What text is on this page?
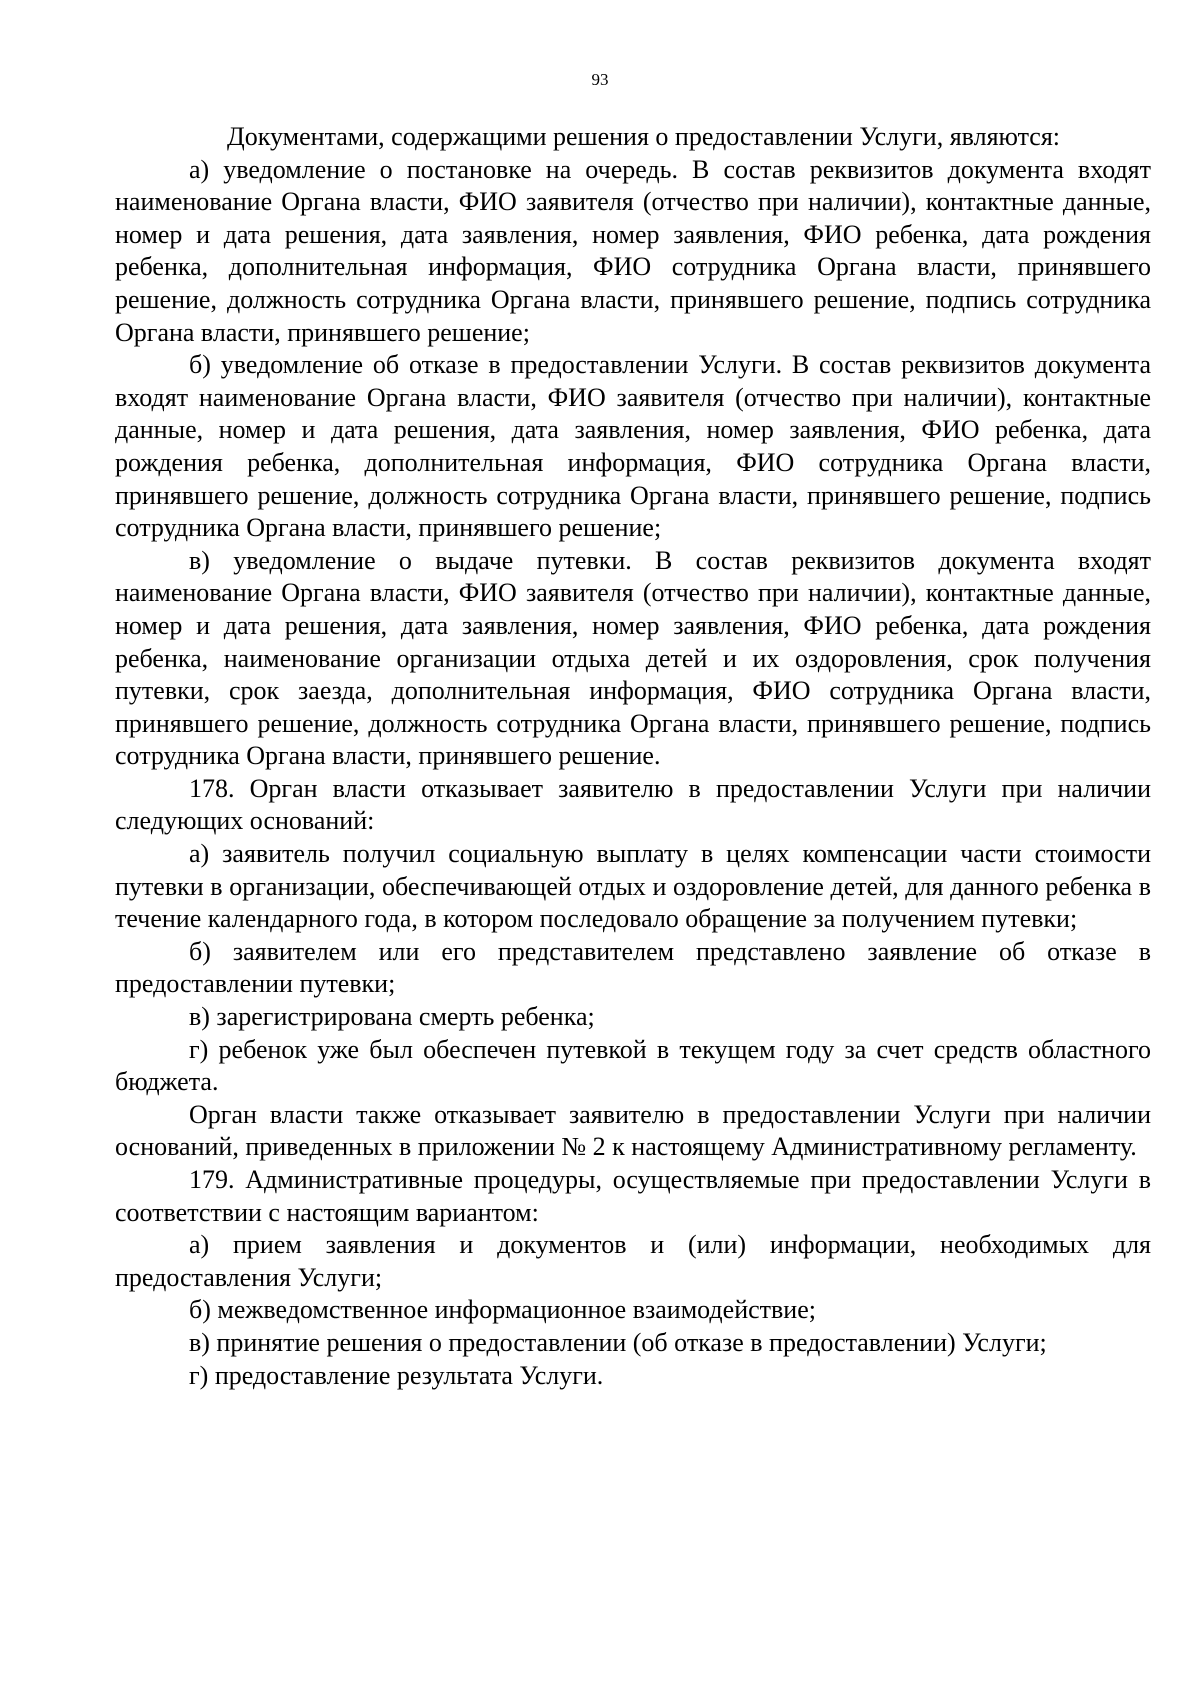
93

Документами, содержащими решения о предоставлении Услуги, являются:

а) уведомление о постановке на очередь. В состав реквизитов документа входят наименование Органа власти, ФИО заявителя (отчество при наличии), контактные данные, номер и дата решения, дата заявления, номер заявления, ФИО ребенка, дата рождения ребенка, дополнительная информация, ФИО сотрудника Органа власти, принявшего решение, должность сотрудника Органа власти, принявшего решение, подпись сотрудника Органа власти, принявшего решение;

б) уведомление об отказе в предоставлении Услуги. В состав реквизитов документа входят наименование Органа власти, ФИО заявителя (отчество при наличии), контактные данные, номер и дата решения, дата заявления, номер заявления, ФИО ребенка, дата рождения ребенка, дополнительная информация, ФИО сотрудника Органа власти, принявшего решение, должность сотрудника Органа власти, принявшего решение, подпись сотрудника Органа власти, принявшего решение;

в) уведомление о выдаче путевки. В состав реквизитов документа входят наименование Органа власти, ФИО заявителя (отчество при наличии), контактные данные, номер и дата решения, дата заявления, номер заявления, ФИО ребенка, дата рождения ребенка, наименование организации отдыха детей и их оздоровления, срок получения путевки, срок заезда, дополнительная информация, ФИО сотрудника Органа власти, принявшего решение, должность сотрудника Органа власти, принявшего решение, подпись сотрудника Органа власти, принявшего решение.

178. Орган власти отказывает заявителю в предоставлении Услуги при наличии следующих оснований:

а) заявитель получил социальную выплату в целях компенсации части стоимости путевки в организации, обеспечивающей отдых и оздоровление детей, для данного ребенка в течение календарного года, в котором последовало обращение за получением путевки;

б) заявителем или его представителем представлено заявление об отказе в предоставлении путевки;

в) зарегистрирована смерть ребенка;

г) ребенок уже был обеспечен путевкой в текущем году за счет средств областного бюджета.

Орган власти также отказывает заявителю в предоставлении Услуги при наличии оснований, приведенных в приложении № 2 к настоящему Административному регламенту.

179. Административные процедуры, осуществляемые при предоставлении Услуги в соответствии с настоящим вариантом:

а) прием заявления и документов и (или) информации, необходимых для предоставления Услуги;

б) межведомственное информационное взаимодействие;

в) принятие решения о предоставлении (об отказе в предоставлении) Услуги;

г) предоставление результата Услуги.
